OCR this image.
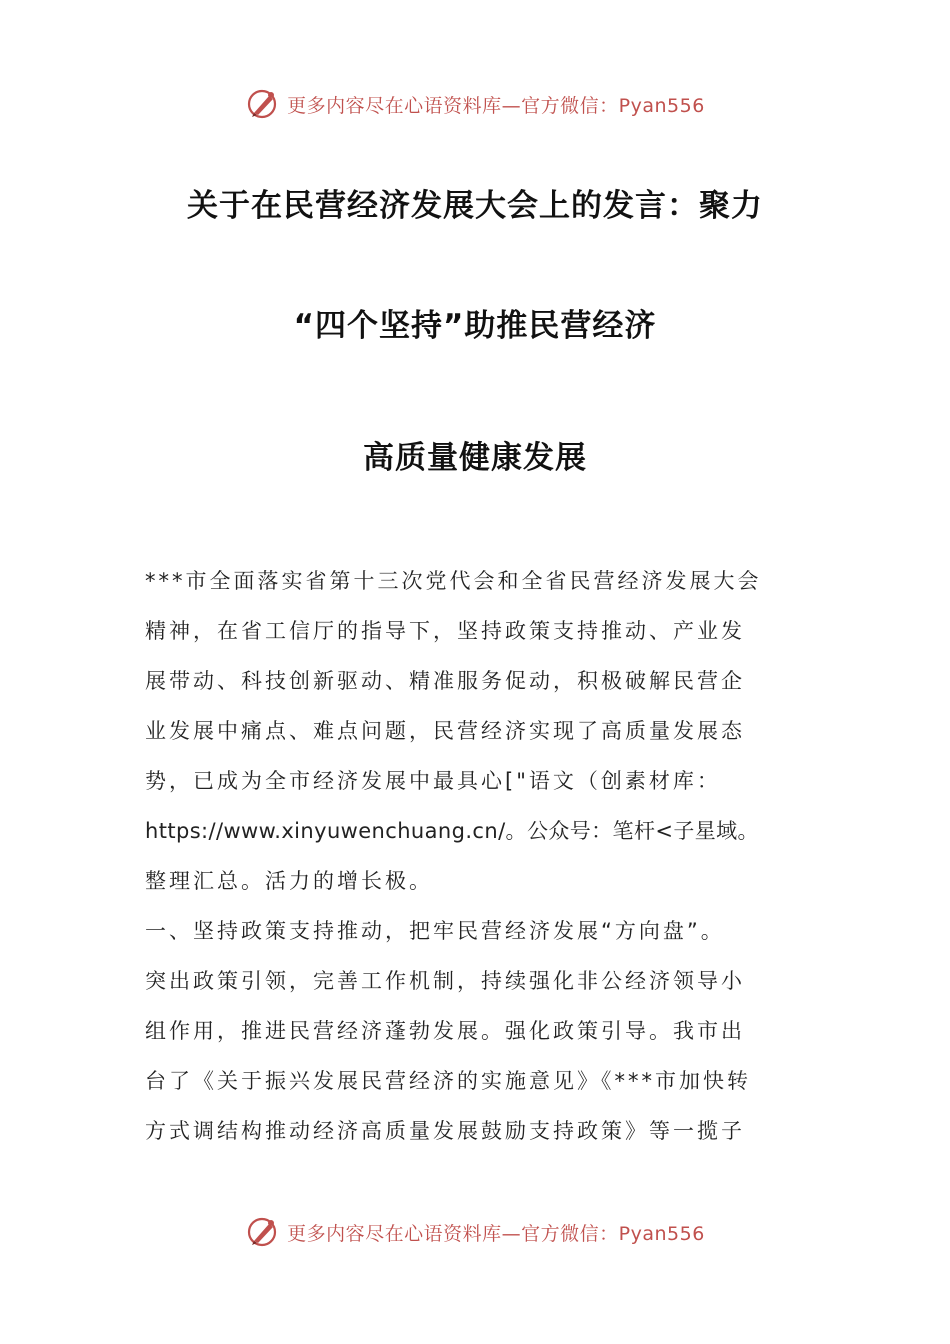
更多内容尽在心语资料库—官方微信：Pyan556
关于在民营经济发展大会上的发言：聚力
“四个坚持”助推民营经济
高质量健康发展
***市全面落实省第十三次党代会和全省民营经济发展大会
精神，在省工信厅的指导下，坚持政策支持推动、产业发
展带动、科技创新驱动、精准服务促动，积极破解民营企
业发展中痛点、难点问题，民营经济实现了高质量发展态
势，已成为全市经济发展中最具心["语文（创素材库：
https://www.xinyuwenchuang.cn/。公众号：笔杆<子星域。
整理汇总。活力的增长极。
一、坚持政策支持推动，把牢民营经济发展“方向盘”。
突出政策引领，完善工作机制，持续强化非公经济领导小
组作用，推进民营经济蓬勃发展。强化政策引导。我市出
台了《关于振兴发展民营经济的实施意见》《***市加快转
方式调结构推动经济高质量发展鼓励支持政策》等一揽子
更多内容尽在心语资料库—官方微信：Pyan556
